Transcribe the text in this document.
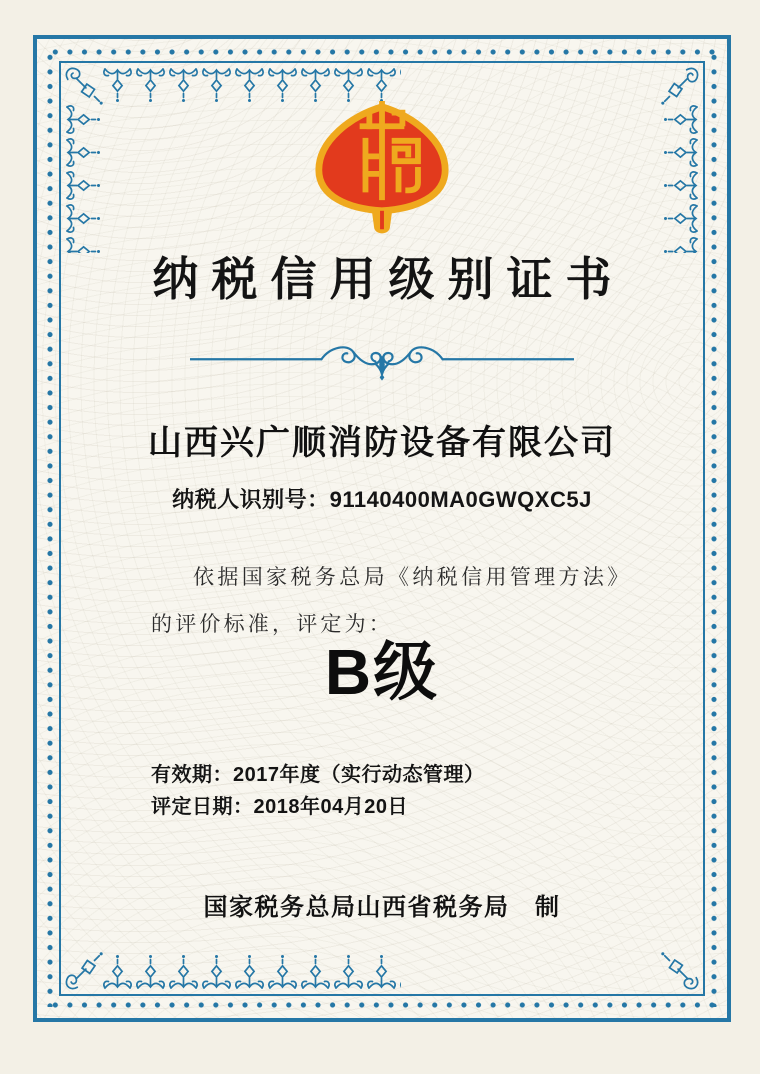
纳税信用级别证书
山西兴广顺消防设备有限公司
纳税人识别号：91140400MA0GWQXC5J

依据国家税务总局《纳税信用管理方法》的评价标准，评定为：

B级
有效期：2017年度（实行动态管理）
评定日期：2018年04月20日
国家税务总局山西省税务局　制
